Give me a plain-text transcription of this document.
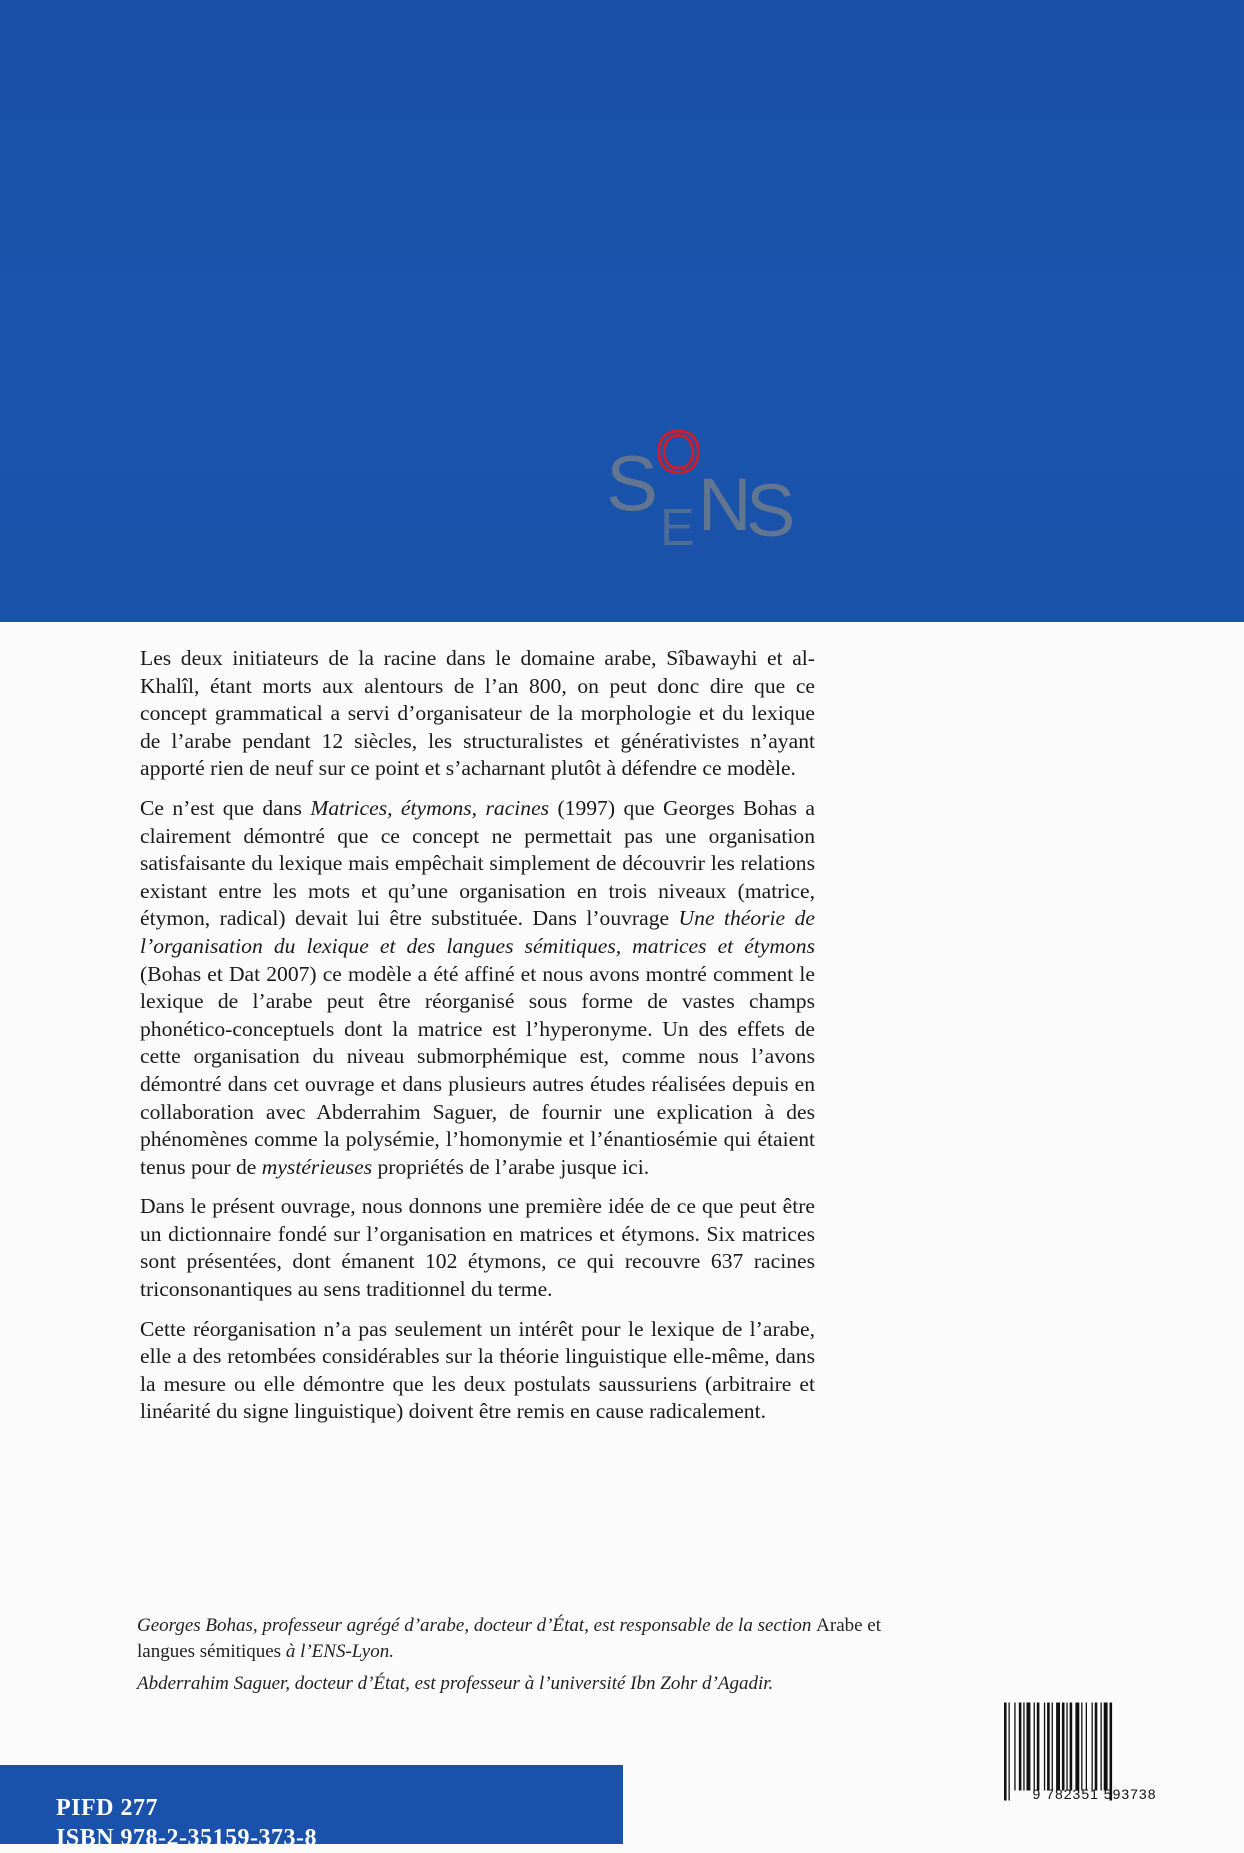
S
O
E N
S

Les deux initiateurs de la racine dans le domaine arabe, Sîbawayhi et al-Khalîl, étant morts aux alentours de l’an 800, on peut donc dire que ce concept grammatical a servi d’organisateur de la morphologie et du lexique de l’arabe pendant 12 siècles, les structuralistes et générativistes n’ayant apporté rien de neuf sur ce point et s’acharnant plutôt à défendre ce modèle.

Ce n’est que dans Matrices, étymons, racines (1997) que Georges Bohas a clairement démontré que ce concept ne permettait pas une organisation satisfaisante du lexique mais empêchait simplement de découvrir les relations existant entre les mots et qu’une organisation en trois niveaux (matrice, étymon, radical) devait lui être substituée. Dans l’ouvrage Une théorie de l’organisation du lexique et des langues sémitiques, matrices et étymons (Bohas et Dat 2007) ce modèle a été affiné et nous avons montré comment le lexique de l’arabe peut être réorganisé sous forme de vastes champs phonético-conceptuels dont la matrice est l’hyperonyme. Un des effets de cette organisation du niveau submorphémique est, comme nous l’avons démontré dans cet ouvrage et dans plusieurs autres études réalisées depuis en collaboration avec Abderrahim Saguer, de fournir une explication à des phénomènes comme la polysémie, l’homonymie et l’énantiosémie qui étaient tenus pour de mystérieuses propriétés de l’arabe jusque ici.

Dans le présent ouvrage, nous donnons une première idée de ce que peut être un dictionnaire fondé sur l’organisation en matrices et étymons. Six matrices sont présentées, dont émanent 102 étymons, ce qui recouvre 637 racines triconsonantiques au sens traditionnel du terme.

Cette réorganisation n’a pas seulement un intérêt pour le lexique de l’arabe, elle a des retombées considérables sur la théorie linguistique elle-même, dans la mesure ou elle démontre que les deux postulats saussuriens (arbitraire et linéarité du signe linguistique) doivent être remis en cause radicalement.

Georges Bohas, professeur agrégé d’arabe, docteur d’État, est responsable de la section Arabe et langues sémitiques à l’ENS-Lyon.

Abderrahim Saguer, docteur d’État, est professeur à l’université Ibn Zohr d’Agadir.

9 782351 593738
PIFD 277
ISBN 978-2-35159-373-8
